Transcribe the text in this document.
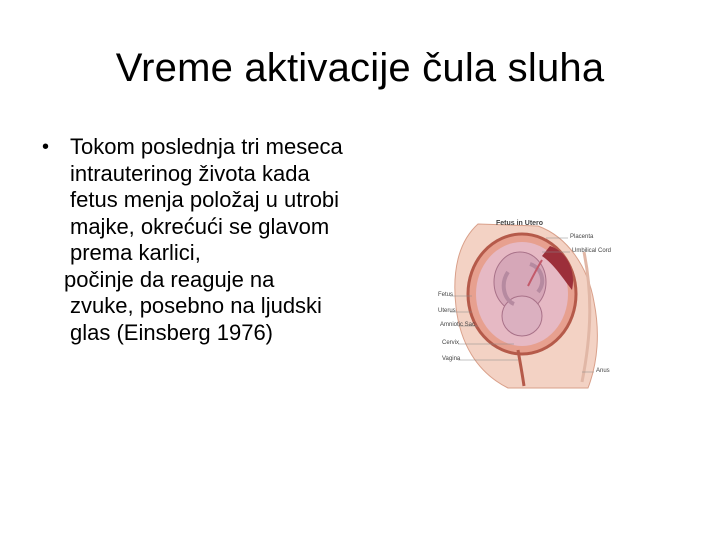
Vreme aktivacije čula sluha
• Tokom poslednja tri meseca intrauterinog života kada fetus menja položaj u utrobi majke, okrećući se glavom prema karlici,
počinje da reaguje na
zvuke, posebno na ljudski glas (Einsberg 1976)
Fetus in Utero
Placenta
Umbilical Cord
Fetus
Uterus
Amniotic Sac
Cervix
Vagina
Anus
